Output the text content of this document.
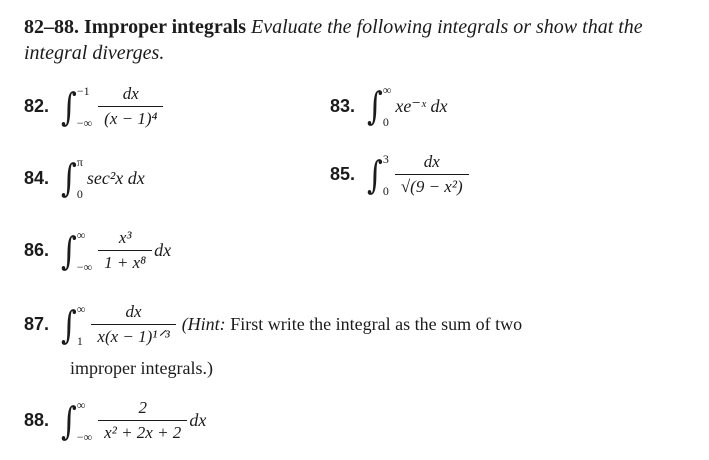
82–88. Improper integrals Evaluate the following integrals or show that the integral diverges.
82. ∫ −1
−∞ $\frac{dx}{\text{(x − 1)⁴}}$	83. ∫ ∞
0
xe⁻ˣ dx
84. ∫ π
0
sec²x dx	85. ∫ 3
$0 \frac{dx}{\text{√(9 − x²)}}$
86. ∫ ∞
−∞ $\frac{\text{x³}}{\text{1 + x⁸}}$ dx
87. ∫ ∞
$1 \frac{dx}{\text{x(x − 1)¹ᐟ³}}$ (Hint: First write the integral as the sum of two
improper integrals.)
88. ∫ ∞
−∞ $\frac{2}{\text{x² + 2x + 2}}$ dx
